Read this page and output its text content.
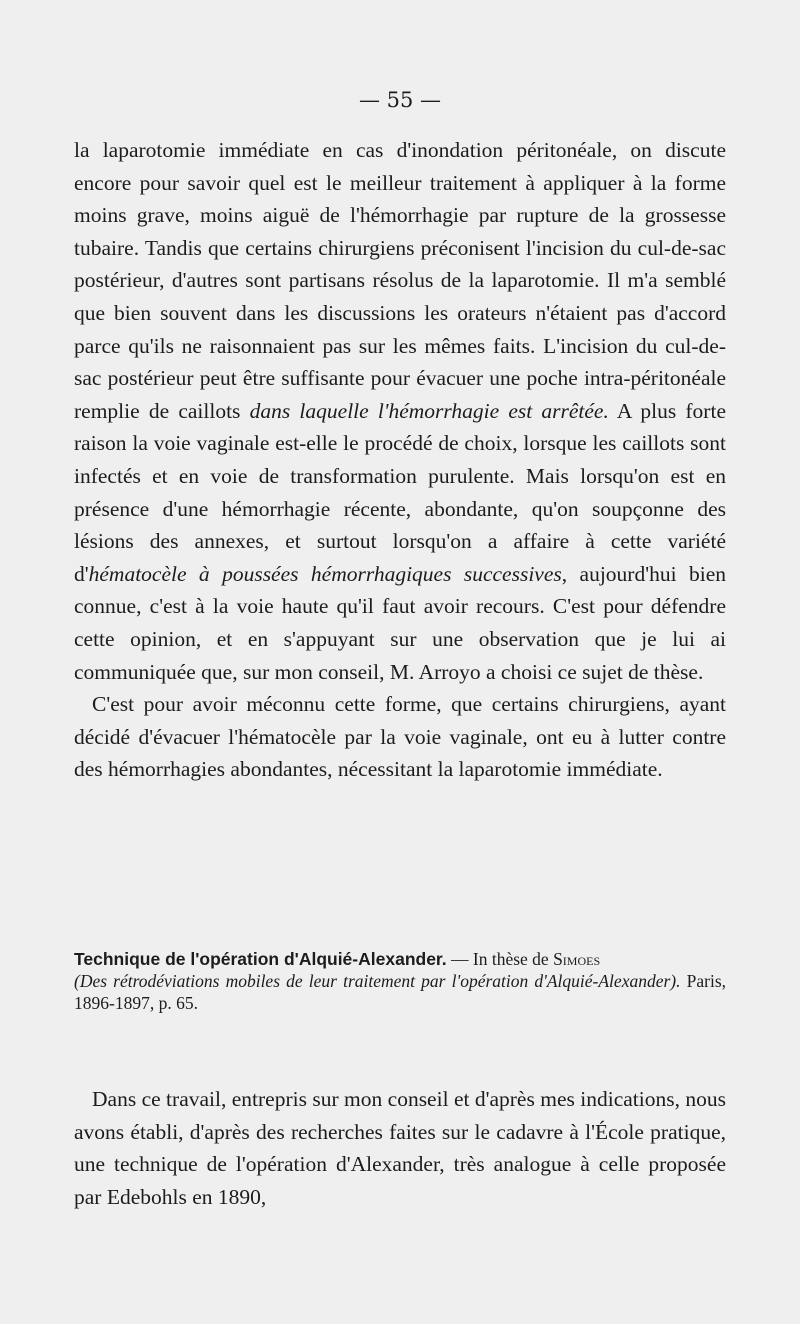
— 55 —

la laparotomie immédiate en cas d'inondation péritonéale, on discute encore pour savoir quel est le meilleur traitement à appliquer à la forme moins grave, moins aiguë de l'hémorrhagie par rupture de la grossesse tubaire. Tandis que certains chirurgiens préconisent l'incision du cul-de-sac postérieur, d'autres sont partisans résolus de la laparotomie. Il m'a semblé que bien souvent dans les discussions les orateurs n'étaient pas d'accord parce qu'ils ne raisonnaient pas sur les mêmes faits. L'incision du cul-de-sac postérieur peut être suffisante pour évacuer une poche intra-péritonéale remplie de caillots dans laquelle l'hémorrhagie est arrêtée. A plus forte raison la voie vaginale est-elle le procédé de choix, lorsque les caillots sont infectés et en voie de transformation purulente. Mais lorsqu'on est en présence d'une hémorrhagie récente, abondante, qu'on soupçonne des lésions des annexes, et surtout lorsqu'on a affaire à cette variété d'hématocèle à poussées hémorrhagiques successives, aujourd'hui bien connue, c'est à la voie haute qu'il faut avoir recours. C'est pour défendre cette opinion, et en s'appuyant sur une observation que je lui ai communiquée que, sur mon conseil, M. Arroyo a choisi ce sujet de thèse.

C'est pour avoir méconnu cette forme, que certains chirurgiens, ayant décidé d'évacuer l'hématocèle par la voie vaginale, ont eu à lutter contre des hémorrhagies abondantes, nécessitant la laparotomie immédiate.

Technique de l'opération d'Alquié-Alexander. — In thèse de Simoes
(Des rétrodéviations mobiles de leur traitement par l'opération d'Alquié-Alexander). Paris, 1896-1897, p. 65.

Dans ce travail, entrepris sur mon conseil et d'après mes indications, nous avons établi, d'après des recherches faites sur le cadavre à l'École pratique, une technique de l'opération d'Alexander, très analogue à celle proposée par Edebohls en 1890,
